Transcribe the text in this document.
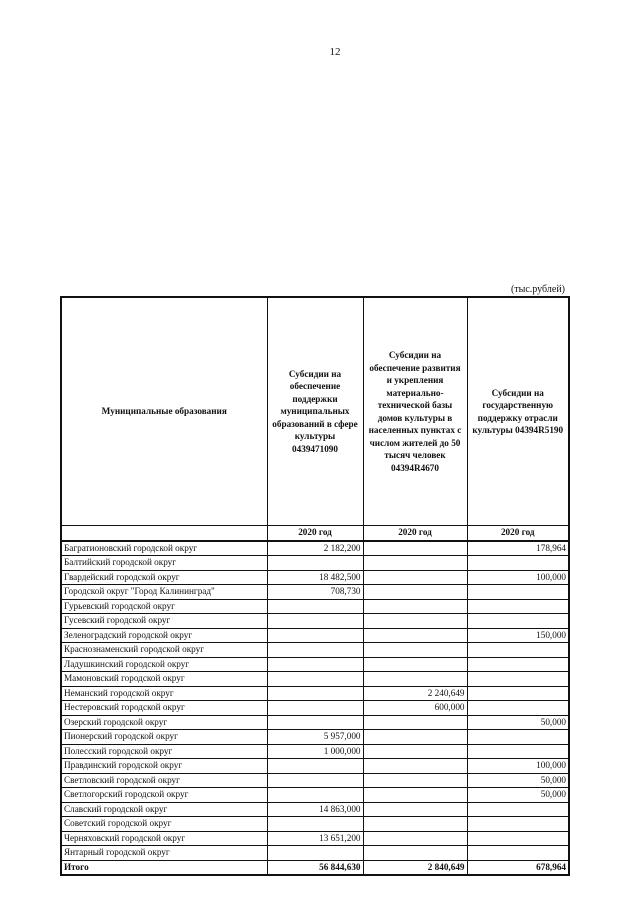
12
(тыс.рублей)
Муниципальные образования	Субсидии на обеспечение поддержки муниципальных образований в сфере культуры 0439471090	Субсидии на обеспечение развития и укрепления материально-технической базы домов культуры в населенных пунктах с числом жителей до 50 тысяч человек 04394R4670	Субсидии на государственную поддержку отрасли культуры 04394R5190
	2020 год	2020 год	2020 год
Багратионовский городской округ	2 182,200		178,964
Балтийский городской округ			
Гвардейский городской округ	18 482,500		100,000
Городской округ "Город Калининград"	708,730		
Гурьевский городской округ			
Гусевский городской округ			
Зеленоградский городской округ			150,000
Краснознаменский городской округ			
Ладушкинский городской округ			
Мамоновский городской округ			
Неманский городской округ		2 240,649	
Нестеровский городской округ		600,000	
Озерский городской округ			50,000
Пионерский городской округ	5 957,000		
Полесский городской округ	1 000,000		
Правдинский городской округ			100,000
Светловский городской округ			50,000
Светлогорский городской округ			50,000
Славский городской округ	14 863,000		
Советский городской округ			
Черняховский городской округ	13 651,200		
Янтарный городской округ			
Итого	56 844,630	2 840,649	678,964
